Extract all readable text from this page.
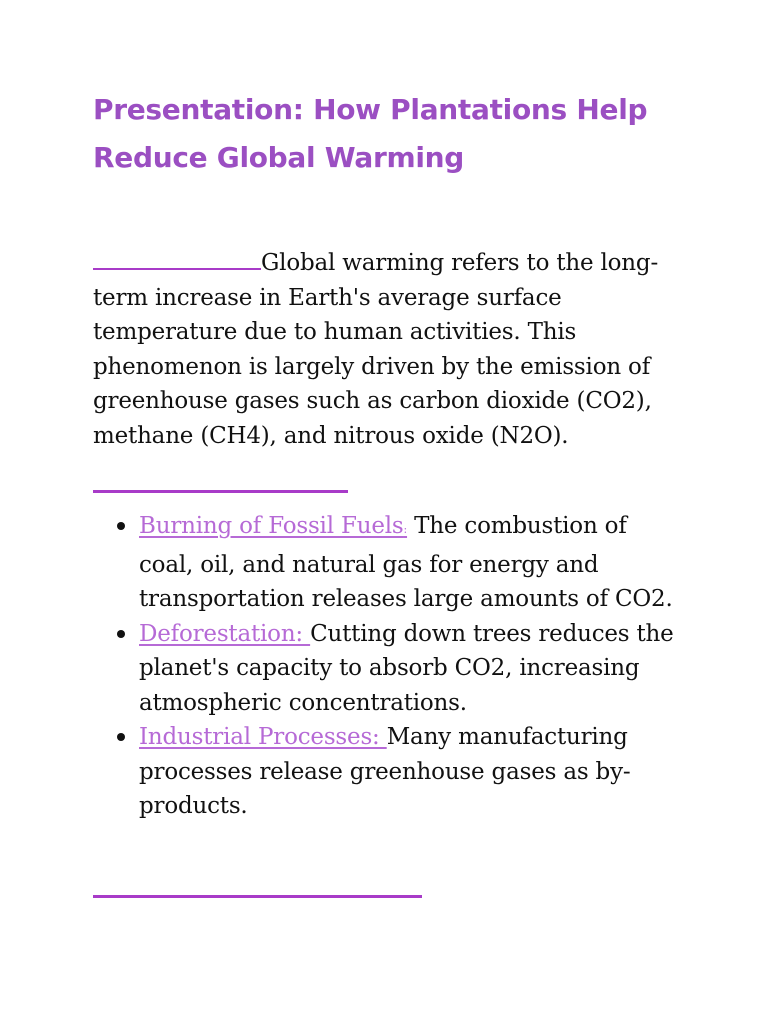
Presentation: How Plantations Help Reduce Global Warming
Global warming refers to the long-term increase in Earth's average surface temperature due to human activities. This phenomenon is largely driven by the emission of greenhouse gases such as carbon dioxide (CO2), methane (CH4), and nitrous oxide (N2O).
Burning of Fossil Fuels: The combustion of coal, oil, and natural gas for energy and transportation releases large amounts of CO2.
Deforestation: Cutting down trees reduces the planet's capacity to absorb CO2, increasing atmospheric concentrations.
Industrial Processes: Many manufacturing processes release greenhouse gases as by-products.
